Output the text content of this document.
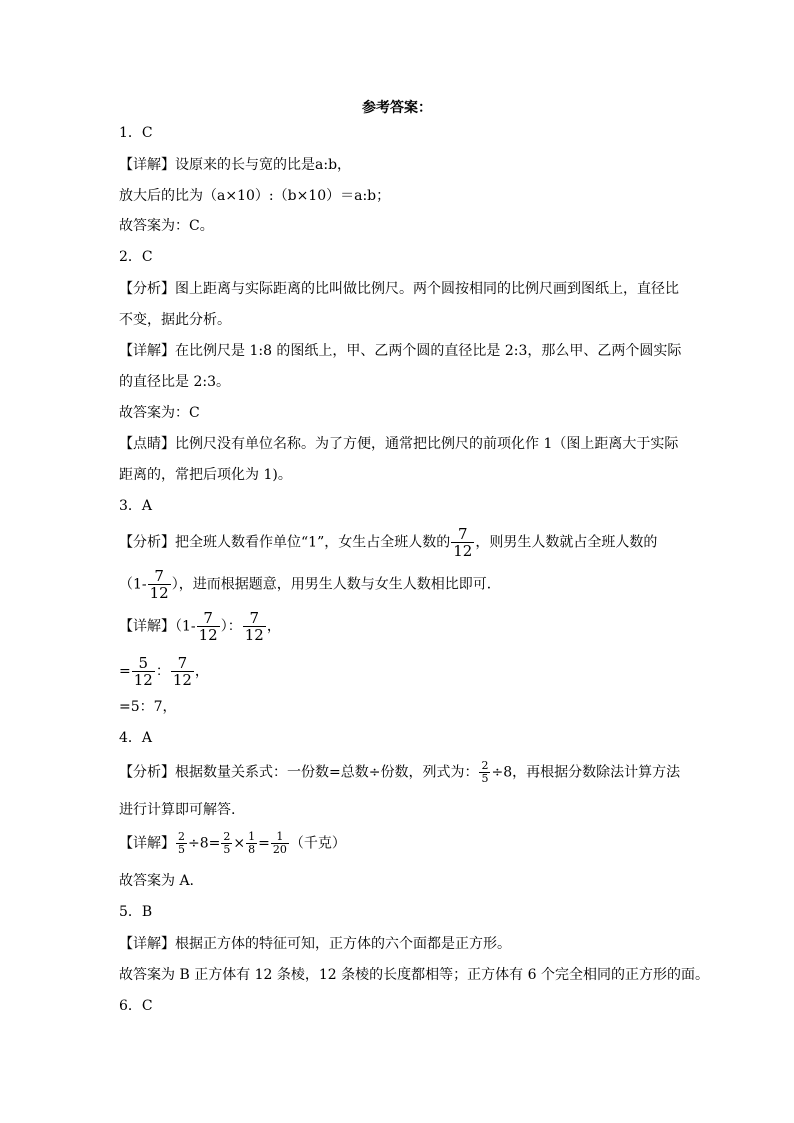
参考答案：
1．C
【详解】设原来的长与宽的比是a:b，
放大后的比为（a×10）:（b×10）＝a:b；
故答案为：C。
2．C
【分析】图上距离与实际距离的比叫做比例尺。两个圆按相同的比例尺画到图纸上，直径比
不变，据此分析。
【详解】在比例尺是 1:8 的图纸上，甲、乙两个圆的直径比是 2:3，那么甲、乙两个圆实际
的直径比是 2:3。
故答案为：C
【点睛】比例尺没有单位名称。为了方便，通常把比例尺的前项化作 1（图上距离大于实际
距离的，常把后项化为 1)。
3．A
【分析】把全班人数看作单位“1”，女生占全班人数的 $\frac{7}{12}$ ，则男生人数就占全班人数的
（$1- \frac{7}{12}$ ），进而根据题意，用男生人数与女生人数相比即可．
【详解】（$1- \frac{7}{12}$ ）： $\frac{7}{12}$ ，
= $\frac{5}{12}$ ： $\frac{7}{12}$ ，
=5：7，
4．A
【分析】根据数量关系式：一份数=总数÷份数，列式为： $\frac{2}{5} \div 8$，再根据分数除法计算方法
进行计算即可解答.
【详解】 $\frac{2}{5} \div 8= \frac{2}{5} \times \frac{1}{8} = \frac{1}{20}$ （千克）
故答案为 A.
5．B
【详解】根据正方体的特征可知，正方体的六个面都是正方形。
故答案为 B 正方体有 12 条棱，12 条棱的长度都相等；正方体有 6 个完全相同的正方形的面。
6．C
